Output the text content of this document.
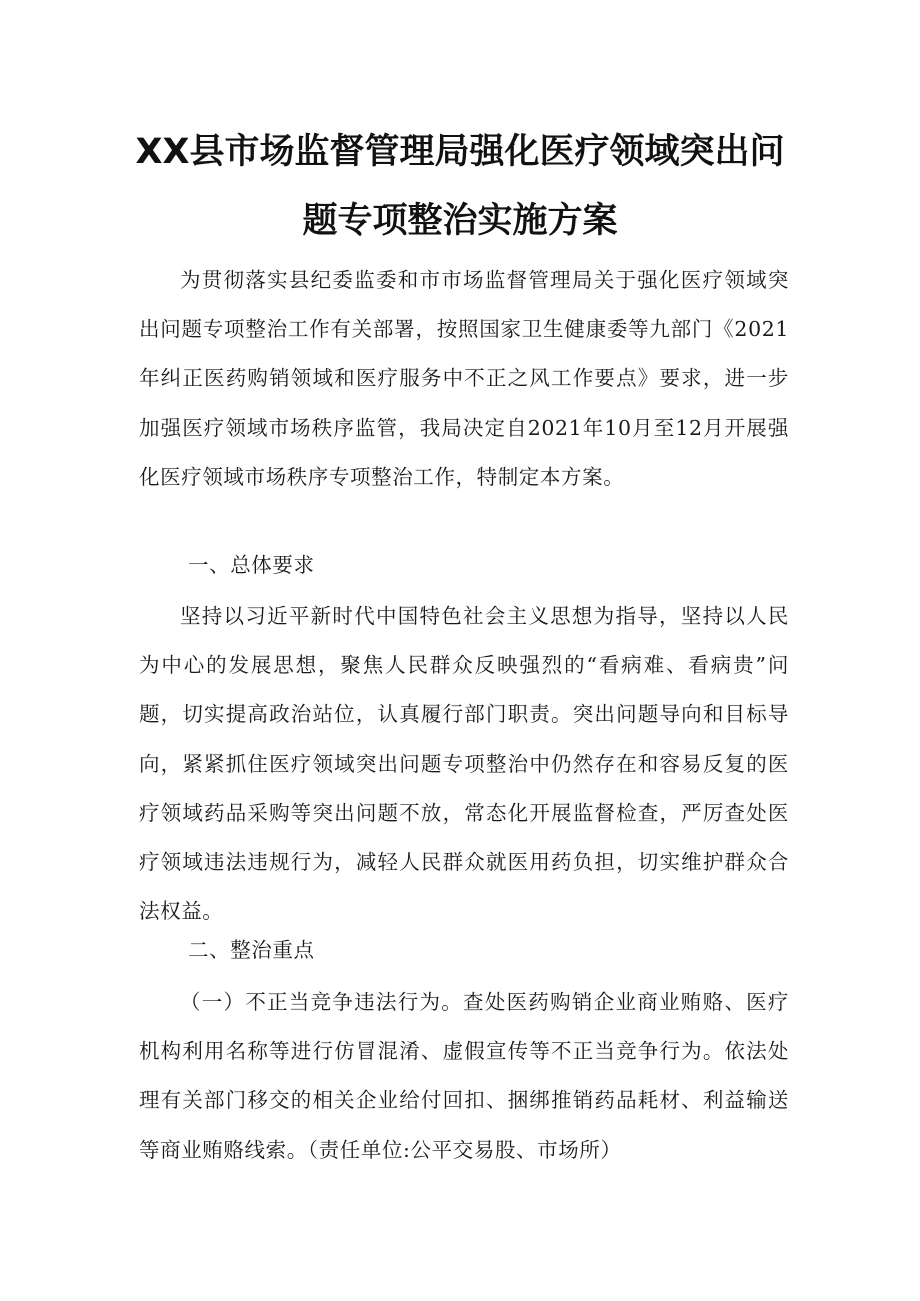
XX县市场监督管理局强化医疗领域突出问
题专项整治实施方案

为贯彻落实县纪委监委和市市场监督管理局关于强化医疗领域突出问题专项整治工作有关部署，按照国家卫生健康委等九部门《2021年纠正医药购销领域和医疗服务中不正之风工作要点》要求，进一步加强医疗领域市场秩序监管，我局决定自2021年10月至12月开展强化医疗领域市场秩序专项整治工作，特制定本方案。

一、总体要求

坚持以习近平新时代中国特色社会主义思想为指导，坚持以人民为中心的发展思想，聚焦人民群众反映强烈的“看病难、看病贵”问题，切实提高政治站位，认真履行部门职责。突出问题导向和目标导向，紧紧抓住医疗领域突出问题专项整治中仍然存在和容易反复的医疗领域药品采购等突出问题不放，常态化开展监督检查，严厉查处医疗领域违法违规行为，减轻人民群众就医用药负担，切实维护群众合法权益。

二、整治重点

（一）不正当竞争违法行为。查处医药购销企业商业贿赂、医疗机构利用名称等进行仿冒混淆、虚假宣传等不正当竞争行为。依法处理有关部门移交的相关企业给付回扣、捆绑推销药品耗材、利益输送等商业贿赂线索。（责任单位:公平交易股、市场所）
